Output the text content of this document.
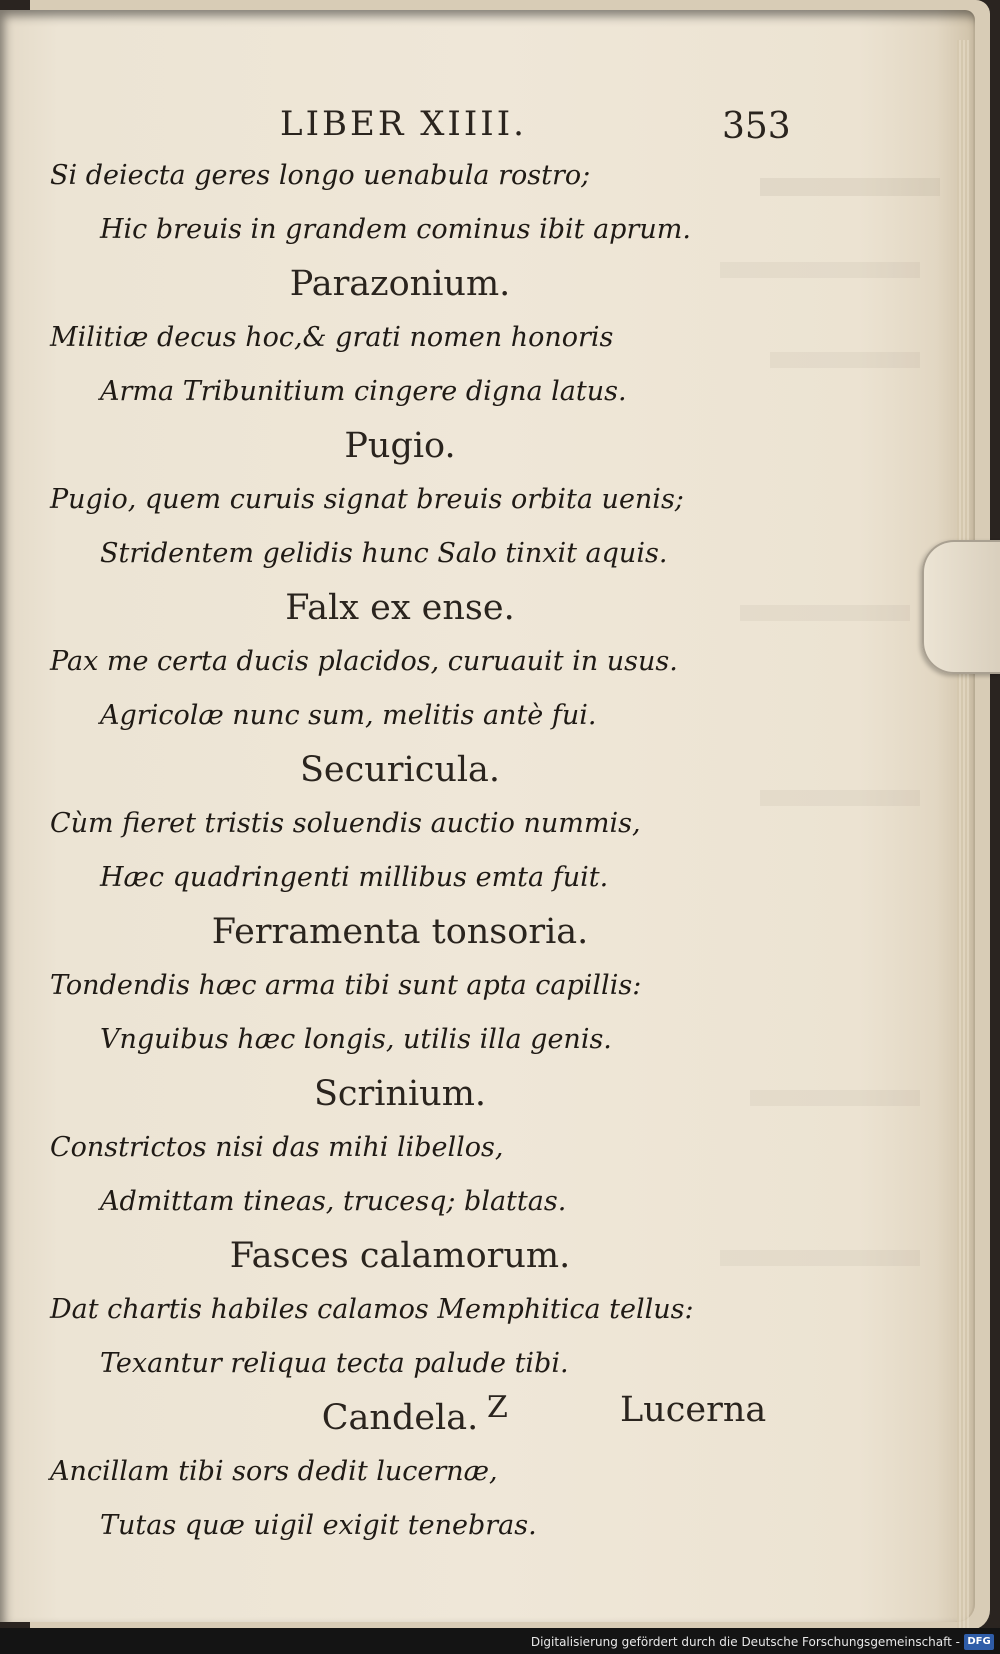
LIBER XIIII.	353
Si deiecta geres longo uenabula rostro;
Hic breuis in grandem cominus ibit aprum.
Parazonium.
Militiæ decus hoc,& grati nomen honoris
Arma Tribunitium cingere digna latus.
Pugio.
Pugio, quem curuis signat breuis orbita uenis;
Stridentem gelidis hunc Salo tinxit aquis.
Falx ex ense.
Pax me certa ducis placidos, curuauit in usus.
Agricolæ nunc sum, melitis antè fui.
Securicula.
Cùm fieret tristis soluendis auctio nummis,
Hæc quadringenti millibus emta fuit.
Ferramenta tonsoria.
Tondendis hæc arma tibi sunt apta capillis:
Vnguibus hæc longis, utilis illa genis.
Scrinium.
Constrictos nisi das mihi libellos,
Admittam tineas, trucesq; blattas.
Fasces calamorum.
Dat chartis habiles calamos Memphitica tellus:
Texantur reliqua tecta palude tibi.
Candela.
Ancillam tibi sors dedit lucernæ,
Tutas quæ uigil exigit tenebras.
Z	Lucerna
Digitalisierung gefördert durch die Deutsche Forschungsgemeinschaft - DFG
